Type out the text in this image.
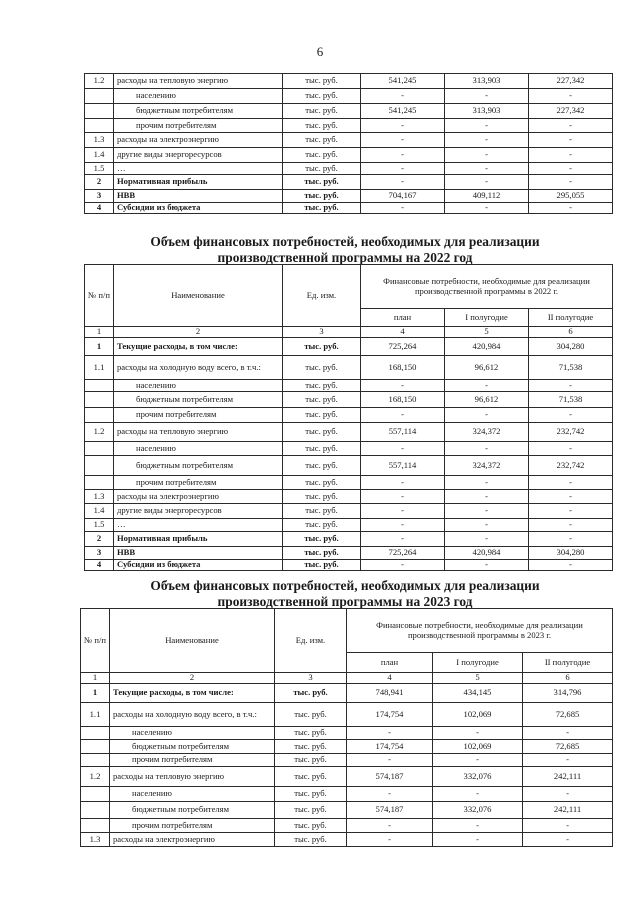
6
1.2	расходы на тепловую энергию	тыс. руб.	541,245	313,903	227,342
	населению	тыс. руб.	-	-	-
	бюджетным потребителям	тыс. руб.	541,245	313,903	227,342
	прочим потребителям	тыс. руб.	-	-	-
1.3	расходы на электроэнергию	тыс. руб.	-	-	-
1.4	другие виды энергоресурсов	тыс. руб.	-	-	-
1.5	…	тыс. руб.	-	-	-
2	Нормативная прибыль	тыс. руб.	-	-	-
3	НВВ	тыс. руб.	704,167	409,112	295,055
4	Субсидии из бюджета	тыс. руб.	-	-	-
Объем финансовых потребностей, необходимых для реализации
производственной программы на 2022 год
№ п/п	Наименование	Ед. изм.	Финансовые потребности, необходимые для реализации производственной программы в 2022 г.		
			план	I полугодие	II полугодие
1	2	3	4	5	6
1	Текущие расходы, в том числе:	тыс. руб.	725,264	420,984	304,280
1.1	расходы на холодную воду всего, в т.ч.:	тыс. руб.	168,150	96,612	71,538
	населению	тыс. руб.	-	-	-
	бюджетным потребителям	тыс. руб.	168,150	96,612	71,538
	прочим потребителям	тыс. руб.	-	-	-
1.2	расходы на тепловую энергию	тыс. руб.	557,114	324,372	232,742
	населению	тыс. руб.	-	-	-
	бюджетным потребителям	тыс. руб.	557,114	324,372	232,742
	прочим потребителям	тыс. руб.	-	-	-
1.3	расходы на электроэнергию	тыс. руб.	-	-	-
1.4	другие виды энергоресурсов	тыс. руб.	-	-	-
1.5	…	тыс. руб.	-	-	-
2	Нормативная прибыль	тыс. руб.	-	-	-
3	НВВ	тыс. руб.	725,264	420,984	304,280
4	Субсидии из бюджета	тыс. руб.	-	-	-
Объем финансовых потребностей, необходимых для реализации
производственной программы на 2023 год
№ п/п	Наименование	Ед. изм.	Финансовые потребности, необходимые для реализации производственной программы в 2023 г.		
			план	I полугодие	II полугодие
1	2	3	4	5	6
1	Текущие расходы, в том числе:	тыс. руб.	748,941	434,145	314,796
1.1	расходы на холодную воду всего, в т.ч.:	тыс. руб.	174,754	102,069	72,685
	населению	тыс. руб.	-	-	-
	бюджетным потребителям	тыс. руб.	174,754	102,069	72,685
	прочим потребителям	тыс. руб.	-	-	-
1.2	расходы на тепловую энергию	тыс. руб.	574,187	332,076	242,111
	населению	тыс. руб.	-	-	-
	бюджетным потребителям	тыс. руб.	574,187	332,076	242,111
	прочим потребителям	тыс. руб.	-	-	-
1.3	расходы на электроэнергию	тыс. руб.	-	-	-
